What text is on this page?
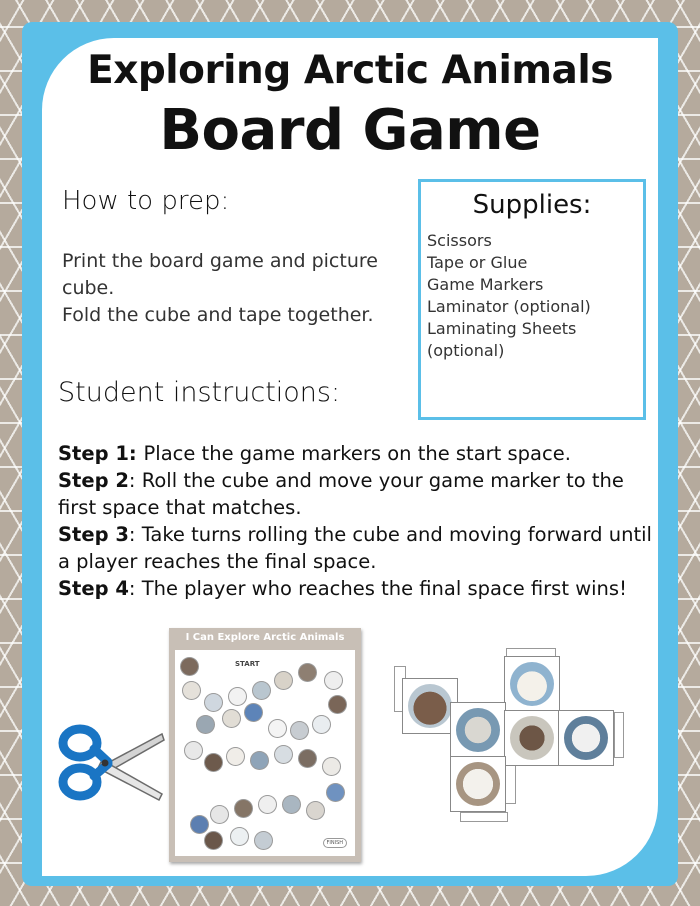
Exploring Arctic Animals
Board Game
How to prep:
Print the board game and picture cube.
Fold the cube and tape together.
Supplies:
Scissors
Tape or Glue
Game Markers
Laminator (optional)
Laminating Sheets (optional)
Student instructions:

Step 1: Place the game markers on the start space.

Step 2: Roll the cube and move your game marker to the first space that matches.

Step 3: Take turns rolling the cube and moving forward until a player reaches the final space.

Step 4: The player who reaches the final space first wins!

I Can Explore Arctic Animals
START
FINISH
